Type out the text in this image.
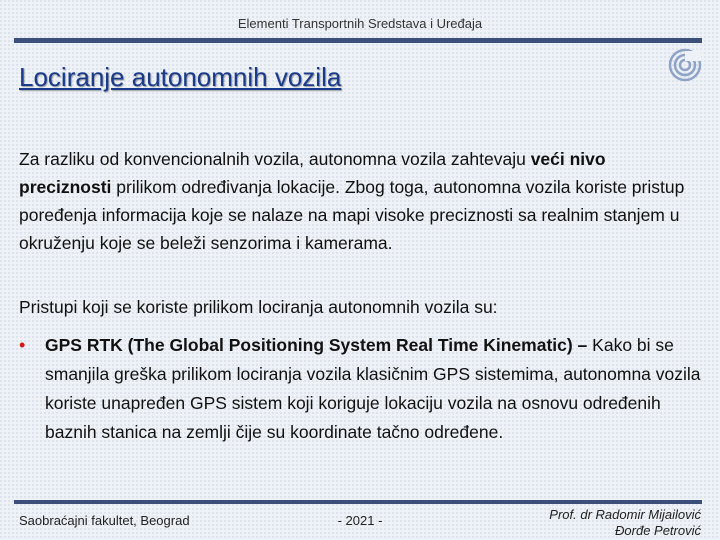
Elementi Transportnih Sredstava i Uređaja
Lociranje autonomnih vozila
Za razliku od konvencionalnih vozila, autonomna vozila zahtevaju veći nivo preciznosti prilikom određivanja lokacije. Zbog toga, autonomna vozila koriste pristup poređenja informacija koje se nalaze na mapi visoke preciznosti sa realnim stanjem u okruženju koje se beleži senzorima i kamerama.
Pristupi koji se koriste prilikom lociranja autonomnih vozila su:
• GPS RTK (The Global Positioning System Real Time Kinematic) – Kako bi se smanjila greška prilikom lociranja vozila klasičnim GPS sistemima, autonomna vozila koriste unapređen GPS sistem koji koriguje lokaciju vozila na osnovu određenih baznih stanica na zemlji čije su koordinate tačno određene.
Saobraćajni fakultet, Beograd	- 2021 -	Prof. dr Radomir Mijailović
Đorđe Petrović
